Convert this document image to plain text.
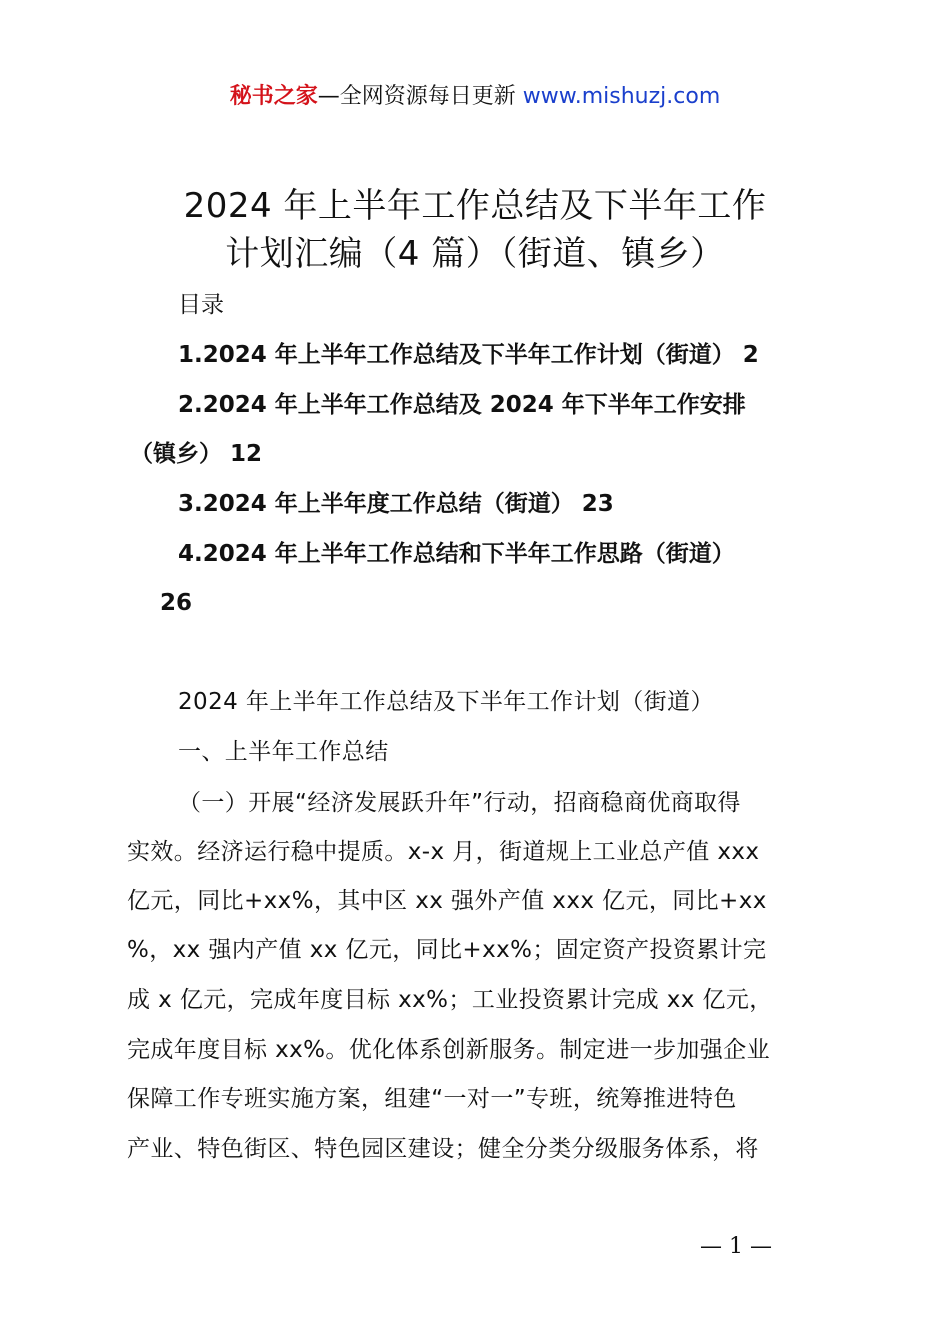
秘书之家—全网资源每日更新 www.mishuzj.com
2024 年上半年工作总结及下半年工作
计划汇编（4 篇）（街道、镇乡）
目录
1.2024 年上半年工作总结及下半年工作计划（街道） 2
2.2024 年上半年工作总结及 2024 年下半年工作安排
（镇乡） 12
3.2024 年上半年度工作总结（街道） 23
4.2024 年上半年工作总结和下半年工作思路（街道）
26
2024 年上半年工作总结及下半年工作计划（街道）
一、上半年工作总结
（一）开展“经济发展跃升年”行动，招商稳商优商取得
实效。经济运行稳中提质。x-x 月，街道规上工业总产值 xxx
亿元，同比+xx%，其中区 xx 强外产值 xxx 亿元，同比+xx
%，xx 强内产值 xx 亿元，同比+xx%；固定资产投资累计完
成 x 亿元，完成年度目标 xx%；工业投资累计完成 xx 亿元，
完成年度目标 xx%。优化体系创新服务。制定进一步加强企业
保障工作专班实施方案，组建“一对一”专班，统筹推进特色
产业、特色街区、特色园区建设；健全分类分级服务体系，将
— 1 —
